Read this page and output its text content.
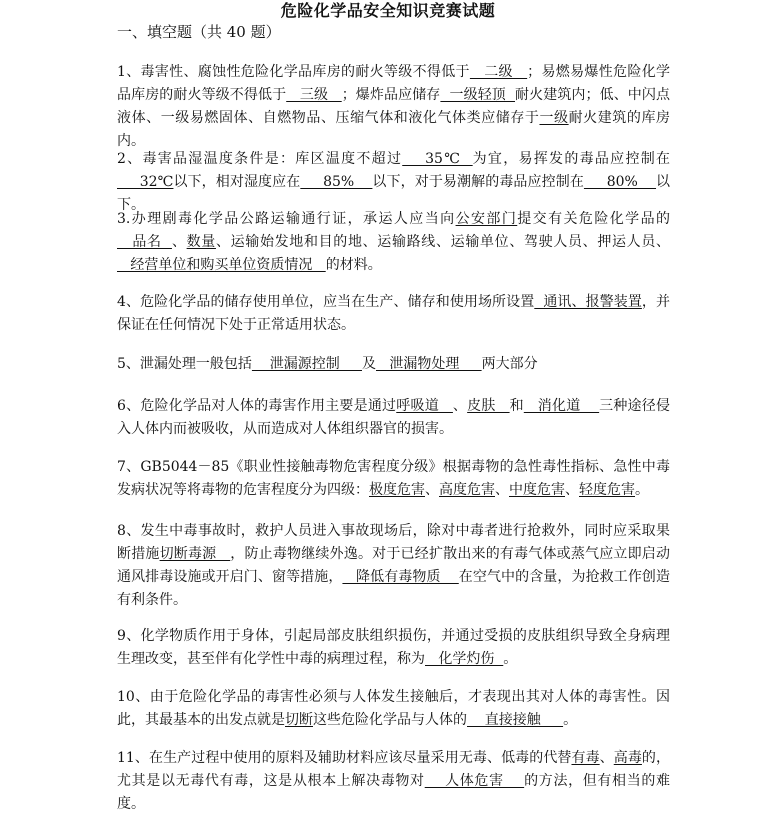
危险化学品安全知识竞赛试题
一、填空题（共 40 题）

1、毒害性、腐蚀性危险化学品库房的耐火等级不得低于   二级   ；易燃易爆性危险化学品库房的耐火等级不得低于   三级   ；爆炸品应储存  一级轻顶  耐火建筑内；低、中闪点液体、一级易燃固体、自燃物品、压缩气体和液化气体类应储存于一级耐火建筑的库房内。

2、毒害品湿温度条件是：库区温度不超过    35℃  为宜，易挥发的毒品应控制在     32℃以下，相对湿度应在     85%    以下，对于易潮解的毒品应控制在     80%    以下。

3.办理剧毒化学品公路运输通行证，承运人应当向公安部门提交有关危险化学品的   品名  、数量、运输始发地和目的地、运输路线、运输单位、驾驶人员、押运人员、   经营单位和购买单位资质情况   的材料。

4、危险化学品的储存使用单位，应当在生产、储存和使用场所设置  通讯、报警装置，并保证在任何情况下处于正常适用状态。

5、泄漏处理一般包括    泄漏源控制     及   泄漏物处理     两大部分

6、危险化学品对人体的毒害作用主要是通过呼吸道   、皮肤   和   消化道    三种途径侵入人体内而被吸收，从而造成对人体组织器官的损害。

7、GB5044－85《职业性接触毒物危害程度分级》根据毒物的急性毒性指标、急性中毒发病状况等将毒物的危害程度分为四级：极度危害、高度危害、中度危害、轻度危害。

8、发生中毒事故时，救护人员进入事故现场后，除对中毒者进行抢救外，同时应采取果断措施切断毒源   ，防止毒物继续外逸。对于已经扩散出来的有毒气体或蒸气应立即启动通风排毒设施或开启门、窗等措施，   降低有毒物质    在空气中的含量，为抢救工作创造有利条件。

9、化学物质作用于身体，引起局部皮肤组织损伤，并通过受损的皮肤组织导致全身病理生理改变，甚至伴有化学性中毒的病理过程，称为   化学灼伤  。

10、由于危险化学品的毒害性必须与人体发生接触后，才表现出其对人体的毒害性。因此，其最基本的出发点就是切断这些危险化学品与人体的    直接接触     。

11、在生产过程中使用的原料及辅助材料应该尽量采用无毒、低毒的代替有毒、高毒的，尤其是以无毒代有毒，这是从根本上解决毒物对    人体危害    的方法，但有相当的难度。
